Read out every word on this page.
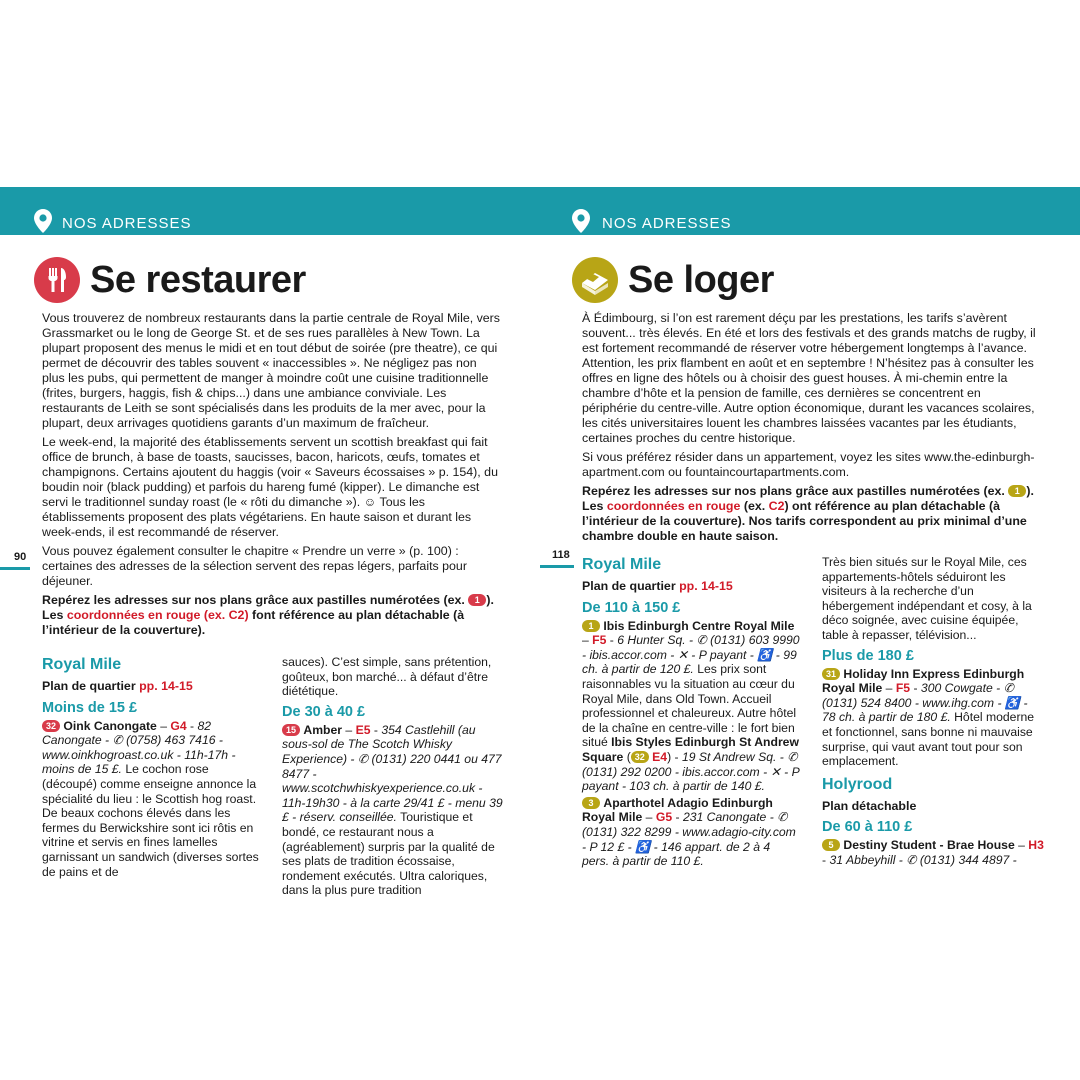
NOS ADRESSES
Se restaurer

Vous trouverez de nombreux restaurants dans la partie centrale de Royal Mile, vers Grassmarket ou le long de George St. et de ses rues parallèles à New Town. La plupart proposent des menus le midi et en tout début de soirée (pre theatre), ce qui permet de découvrir des tables souvent « inaccessibles ». Ne négligez pas non plus les pubs, qui permettent de manger à moindre coût une cuisine traditionnelle (frites, burgers, haggis, fish & chips...) dans une ambiance conviviale. Les restaurants de Leith se sont spécialisés dans les produits de la mer avec, pour la plupart, deux arrivages quotidiens garants d’un maximum de fraîcheur.

Le week-end, la majorité des établissements servent un scottish breakfast qui fait office de brunch, à base de toasts, saucisses, bacon, haricots, œufs, tomates et champignons. Certains ajoutent du haggis (voir « Saveurs écossaises » p. 154), du boudin noir (black pudding) et parfois du hareng fumé (kipper). Le dimanche est servi le traditionnel sunday roast (le « rôti du dimanche »). ☺ Tous les établissements proposent des plats végétariens. En haute saison et durant les week-ends, il est recommandé de réserver.

Vous pouvez également consulter le chapitre « Prendre un verre » (p. 100) : certaines des adresses de la sélection servent des repas légers, parfaits pour déjeuner.

Repérez les adresses sur nos plans grâce aux pastilles numérotées (ex. 1 ). Les coordonnées en rouge (ex. C2) font référence au plan détachable (à l’intérieur de la couverture).

90
Royal Mile
Plan de quartier pp. 14-15
Moins de 15 £
32 Oink Canongate – G4 - 82 Canongate - ✆ (0758) 463 7416 - www.oinkhogroast.co.uk - 11h-17h - moins de 15 £. Le cochon rose (découpé) comme enseigne annonce la spécialité du lieu : le Scottish hog roast. De beaux cochons élevés dans les fermes du Berwickshire sont ici rôtis en vitrine et servis en fines lamelles garnissant un sandwich (diverses sortes de pains et de
sauces). C’est simple, sans prétention, goûteux, bon marché... à défaut d’être diététique.
De 30 à 40 £
15 Amber – E5 - 354 Castlehill (au sous-sol de The Scotch Whisky Experience) - ✆ (0131) 220 0441 ou 477 8477 - www.scotchwhiskyexperience.co.uk - 11h-19h30 - à la carte 29/41 £ - menu 39 £ - réserv. conseillée. Touristique et bondé, ce restaurant nous a (agréablement) surpris par la qualité de ses plats de tradition écossaise, rondement exécutés. Ultra caloriques, dans la plus pure tradition
NOS ADRESSES
Se loger

À Édimbourg, si l’on est rarement déçu par les prestations, les tarifs s’avèrent souvent... très élevés. En été et lors des festivals et des grands matchs de rugby, il est fortement recommandé de réserver votre hébergement longtemps à l’avance. Attention, les prix flambent en août et en septembre ! N’hésitez pas à consulter les offres en ligne des hôtels ou à choisir des guest houses. À mi-chemin entre la chambre d’hôte et la pension de famille, ces dernières se concentrent en périphérie du centre-ville. Autre option économique, durant les vacances scolaires, les cités universitaires louent les chambres laissées vacantes par les étudiants, certaines proches du centre historique.

Si vous préférez résider dans un appartement, voyez les sites www.the-edinburgh-apartment.com ou fountaincourtapartments.com.

Repérez les adresses sur nos plans grâce aux pastilles numérotées (ex. 1 ). Les coordonnées en rouge (ex. C2) ont référence au plan détachable (à l’intérieur de la couverture). Nos tarifs correspondent au prix minimal d’une chambre double en haute saison.

118
Royal Mile
Plan de quartier pp. 14-15
De 110 à 150 £
1 Ibis Edinburgh Centre Royal Mile – F5 - 6 Hunter Sq. - ✆ (0131) 603 9990 - ibis.accor.com - ✕ - P payant - ♿ - 99 ch. à partir de 120 £. Les prix sont raisonnables vu la situation au cœur du Royal Mile, dans Old Town. Accueil professionnel et chaleureux. Autre hôtel de la chaîne en centre-ville : le fort bien situé Ibis Styles Edinburgh St Andrew Square ( 32 E4) - 19 St Andrew Sq. - ✆ (0131) 292 0200 - ibis.accor.com - ✕ - P payant - 103 ch. à partir de 140 £.
3 Aparthotel Adagio Edinburgh Royal Mile – G5 - 231 Canongate - ✆ (0131) 322 8299 - www.adagio-city.com - P 12 £ - ♿ - 146 appart. de 2 à 4 pers. à partir de 110 £.
Très bien situés sur le Royal Mile, ces appartements-hôtels séduiront les visiteurs à la recherche d’un hébergement indépendant et cosy, à la déco soignée, avec cuisine équipée, table à repasser, télévision...
Plus de 180 £
31 Holiday Inn Express Edinburgh Royal Mile – F5 - 300 Cowgate - ✆ (0131) 524 8400 - www.ihg.com - ♿ - 78 ch. à partir de 180 £. Hôtel moderne et fonctionnel, sans bonne ni mauvaise surprise, qui vaut avant tout pour son emplacement.
Holyrood
Plan détachable
De 60 à 110 £
5 Destiny Student - Brae House – H3 - 31 Abbeyhill - ✆ (0131) 344 4897 -
